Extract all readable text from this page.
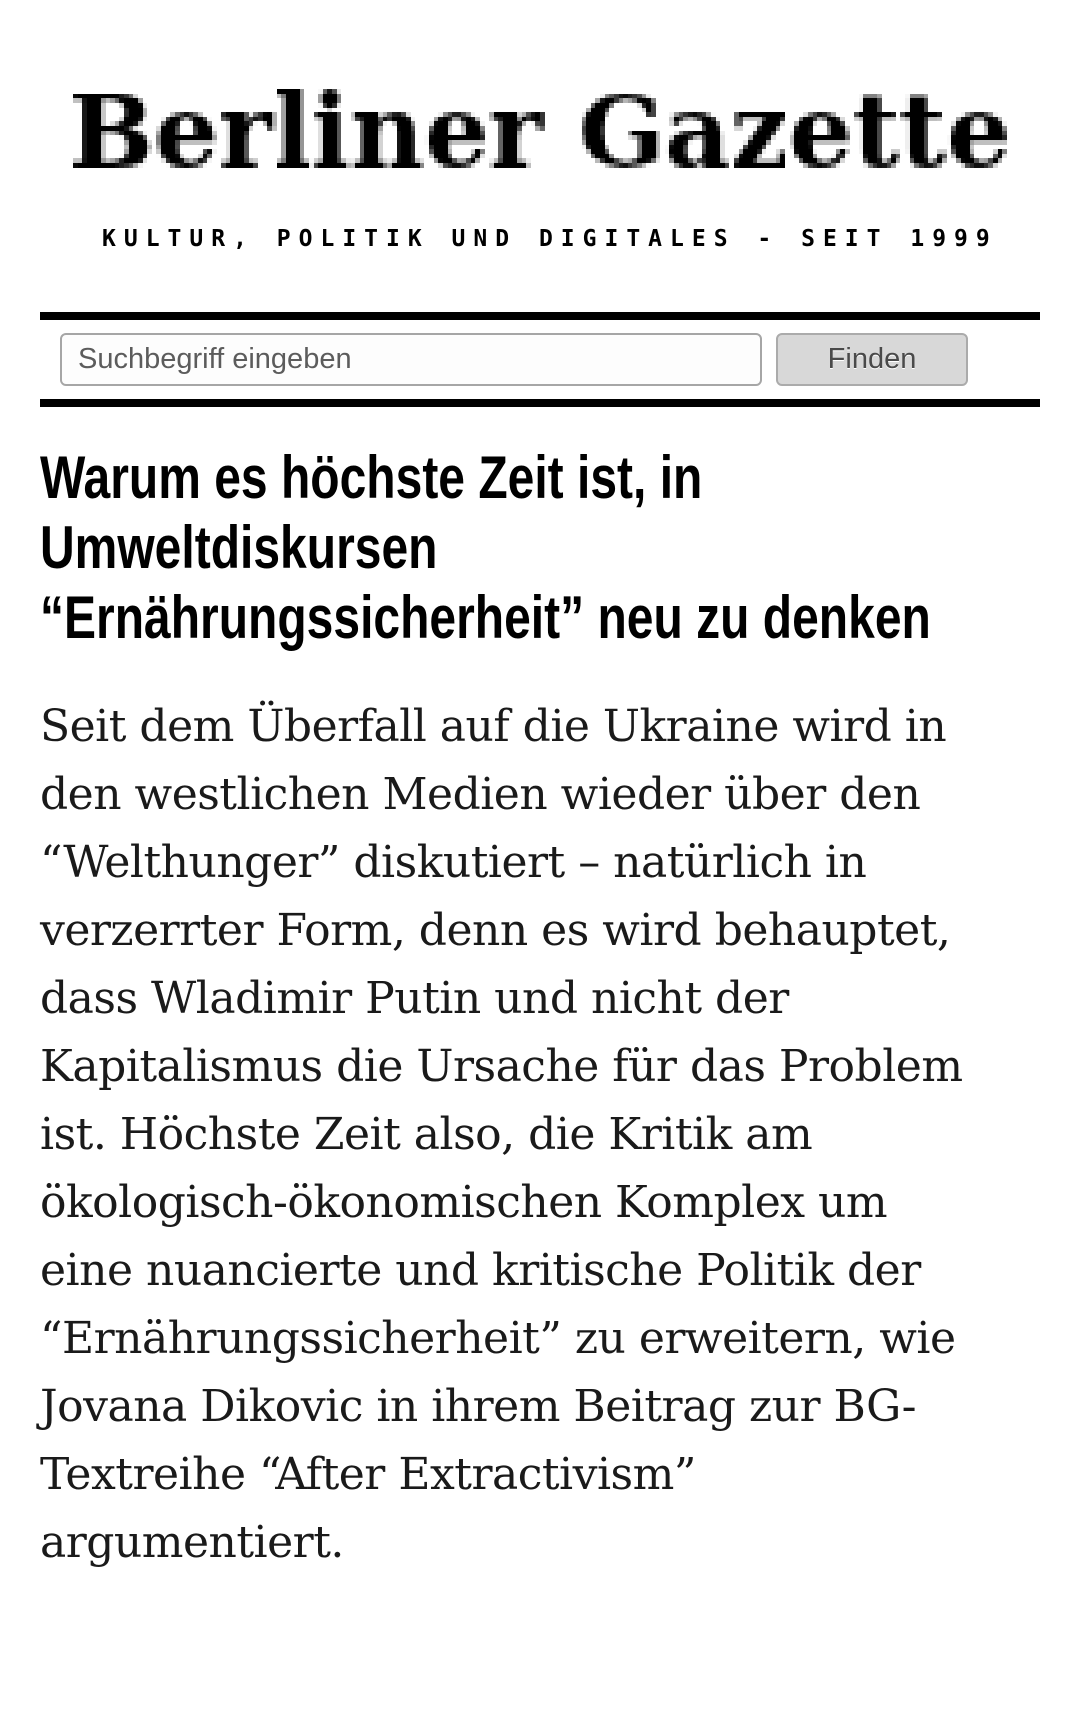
KULTUR, POLITIK UND DIGITALES - SEIT 1999
Suchbegriff eingeben
Finden
Warum es höchste Zeit ist, in
Umweltdiskursen
“Ernährungssicherheit” neu zu denken
Seit dem Überfall auf die Ukraine wird in
den westlichen Medien wieder über den
“Welthunger” diskutiert – natürlich in
verzerrter Form, denn es wird behauptet,
dass Wladimir Putin und nicht der
Kapitalismus die Ursache für das Problem
ist. Höchste Zeit also, die Kritik am
ökologisch-ökonomischen Komplex um
eine nuancierte und kritische Politik der
“Ernährungssicherheit” zu erweitern, wie
Jovana Dikovic in ihrem Beitrag zur BG-
Textreihe “After Extractivism”
argumentiert.
